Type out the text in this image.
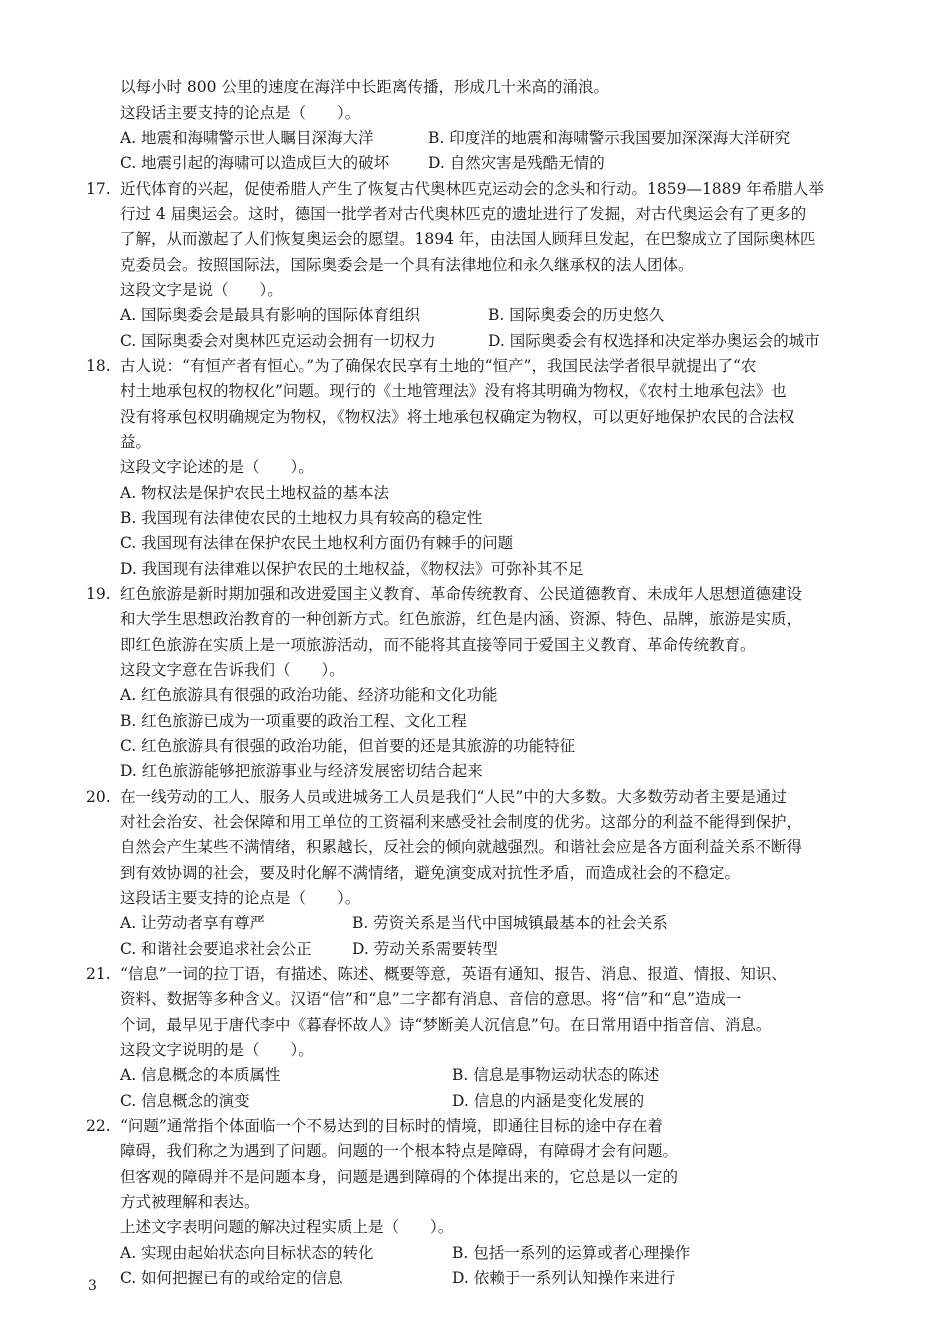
以每小时 800 公里的速度在海洋中长距离传播，形成几十米高的涌浪。
这段话主要支持的论点是（　　）。
A. 地震和海啸警示世人瞩目深海大洋	B. 印度洋的地震和海啸警示我国要加深深海大洋研究
C. 地震引起的海啸可以造成巨大的破坏	D. 自然灾害是残酷无情的
17. 近代体育的兴起，促使希腊人产生了恢复古代奥林匹克运动会的念头和行动。1859—1889 年希腊人举
行过 4 届奥运会。这时，德国一批学者对古代奥林匹克的遗址进行了发掘，对古代奥运会有了更多的
了解，从而激起了人们恢复奥运会的愿望。1894 年，由法国人顾拜旦发起，在巴黎成立了国际奥林匹
克委员会。按照国际法，国际奥委会是一个具有法律地位和永久继承权的法人团体。
这段文字是说（　　）。
A. 国际奥委会是最具有影响的国际体育组织	B. 国际奥委会的历史悠久
C. 国际奥委会对奥林匹克运动会拥有一切权力	D. 国际奥委会有权选择和决定举办奥运会的城市
18. 古人说：“有恒产者有恒心。”为了确保农民享有土地的“恒产”，我国民法学者很早就提出了“农
村土地承包权的物权化”问题。现行的《土地管理法》没有将其明确为物权，《农村土地承包法》也
没有将承包权明确规定为物权，《物权法》将土地承包权确定为物权，可以更好地保护农民的合法权
益。
这段文字论述的是（　　）。
A. 物权法是保护农民土地权益的基本法
B. 我国现有法律使农民的土地权力具有较高的稳定性
C. 我国现有法律在保护农民土地权利方面仍有棘手的问题
D. 我国现有法律难以保护农民的土地权益，《物权法》可弥补其不足
19. 红色旅游是新时期加强和改进爱国主义教育、革命传统教育、公民道德教育、未成年人思想道德建设
和大学生思想政治教育的一种创新方式。红色旅游，红色是内涵、资源、特色、品牌，旅游是实质，
即红色旅游在实质上是一项旅游活动，而不能将其直接等同于爱国主义教育、革命传统教育。
这段文字意在告诉我们（　　）。
A. 红色旅游具有很强的政治功能、经济功能和文化功能
B. 红色旅游已成为一项重要的政治工程、文化工程
C. 红色旅游具有很强的政治功能，但首要的还是其旅游的功能特征
D. 红色旅游能够把旅游事业与经济发展密切结合起来
20. 在一线劳动的工人、服务人员或进城务工人员是我们“人民”中的大多数。大多数劳动者主要是通过
对社会治安、社会保障和用工单位的工资福利来感受社会制度的优劣。这部分的利益不能得到保护，
自然会产生某些不满情绪，积累越长，反社会的倾向就越强烈。和谐社会应是各方面利益关系不断得
到有效协调的社会，要及时化解不满情绪，避免演变成对抗性矛盾，而造成社会的不稳定。
这段话主要支持的论点是（　　）。
A. 让劳动者享有尊严	B. 劳资关系是当代中国城镇最基本的社会关系
C. 和谐社会要追求社会公正	D. 劳动关系需要转型
21. “信息”一词的拉丁语，有描述、陈述、概要等意，英语有通知、报告、消息、报道、情报、知识、
资料、数据等多种含义。汉语“信”和“息”二字都有消息、音信的意思。将“信”和“息”造成一
个词，最早见于唐代李中《暮春怀故人》诗“梦断美人沉信息”句。在日常用语中指音信、消息。
这段文字说明的是（　　）。
A. 信息概念的本质属性	B. 信息是事物运动状态的陈述
C. 信息概念的演变	D. 信息的内涵是变化发展的
22. “问题”通常指个体面临一个不易达到的目标时的情境，即通往目标的途中存在着
障碍，我们称之为遇到了问题。问题的一个根本特点是障碍，有障碍才会有问题。
但客观的障碍并不是问题本身，问题是遇到障碍的个体提出来的，它总是以一定的
方式被理解和表达。
上述文字表明问题的解决过程实质上是（　　）。
A. 实现由起始状态向目标状态的转化	B. 包括一系列的运算或者心理操作
C. 如何把握已有的或给定的信息	D. 依赖于一系列认知操作来进行
3
